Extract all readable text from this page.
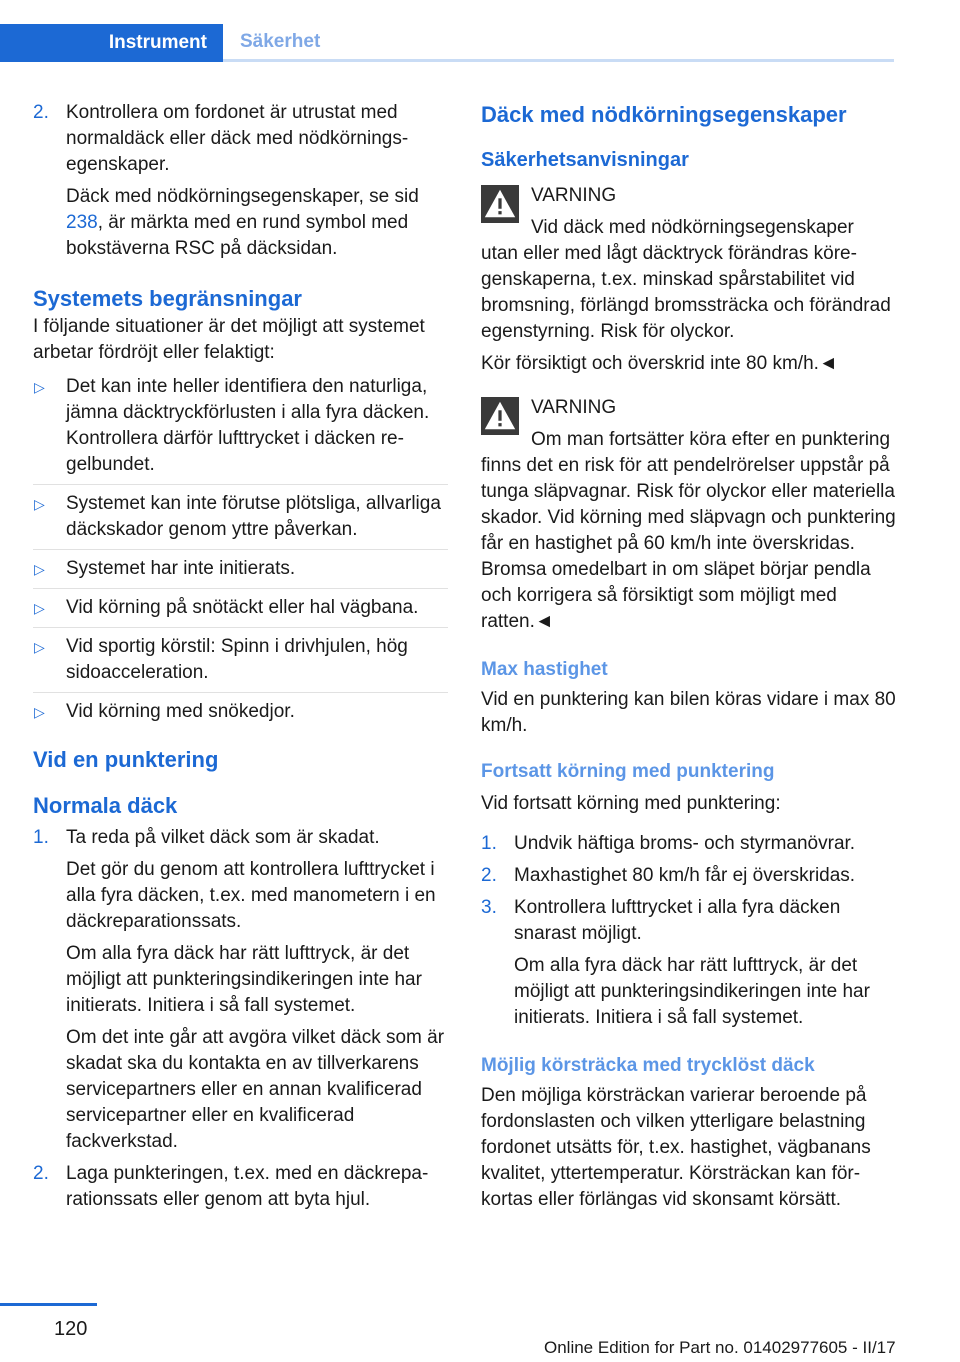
Instrument	Säkerhet
2. Kontrollera om fordonet är utrustat med normaldäck eller däck med nödkörningsegenskaper.

Däck med nödkörningsegenskaper, se sid 238, är märkta med en rund symbol med bokstäverna RSC på däcksidan.

Systemets begränsningar

I följande situationer är det möjligt att systemet arbetar fördröjt eller felaktigt:

▷ Det kan inte heller identifiera den naturliga, jämna däcktryckförlusten i alla fyra däcken. Kontrollera därför lufttrycket i däcken regelbundet.

▷ Systemet kan inte förutse plötsliga, allvarliga däckskador genom yttre påverkan.

▷ Systemet har inte initierats.

▷ Vid körning på snötäckt eller hal vägbana.

▷ Vid sportig körstil: Spinn i drivhjulen, hög sidoacceleration.

▷ Vid körning med snökedjor.

Vid en punktering

Normala däck

1. Ta reda på vilket däck som är skadat.

Det gör du genom att kontrollera lufttrycket i alla fyra däcken, t.ex. med manometern i en däckreparationssats.

Om alla fyra däck har rätt lufttryck, är det möjligt att punkteringsindikeringen inte har initierats. Initiera i så fall systemet.

Om det inte går att avgöra vilket däck som är skadat ska du kontakta en av tillverkarens servicepartners eller en annan kvalificerad servicepartner eller en kvalificerad fackverkstad.

2. Laga punkteringen, t.ex. med en däckreparationssats eller genom att byta hjul.

Däck med nödkörningsegenskaper

Säkerhetsanvisningar

VARNING

Vid däck med nödkörningsegenskaper utan eller med lågt däcktryck förändras köregenskaperna, t.ex. minskad spårstabilitet vid bromsning, förlängd bromssträcka och förändrad egenstyrning. Risk för olyckor.

Kör försiktigt och överskrid inte 80 km/h.◄

VARNING

Om man fortsätter köra efter en punktering finns det en risk för att pendelrörelser uppstår på tunga släpvagnar. Risk för olyckor eller materiella skador. Vid körning med släpvagn och punktering får en hastighet på 60 km/h inte överskridas. Bromsa omedelbart in om släpet börjar pendla och korrigera så försiktigt som möjligt med ratten.◄

Max hastighet

Vid en punktering kan bilen köras vidare i max 80 km/h.

Fortsatt körning med punktering

Vid fortsatt körning med punktering:

1. Undvik häftiga broms- och styrmanövrar.

2. Maxhastighet 80 km/h får ej överskridas.

3. Kontrollera lufttrycket i alla fyra däcken snarast möjligt.

Om alla fyra däck har rätt lufttryck, är det möjligt att punkteringsindikeringen inte har initierats. Initiera i så fall systemet.

Möjlig körsträcka med trycklöst däck

Den möjliga körsträckan varierar beroende på fordonslasten och vilken ytterligare belastning fordonet utsätts för, t.ex. hastighet, vägbanans kvalitet, yttertemperatur. Körsträckan kan förkortas eller förlängas vid skonsamt körsätt.

120
Online Edition for Part no. 01402977605 - II/17
